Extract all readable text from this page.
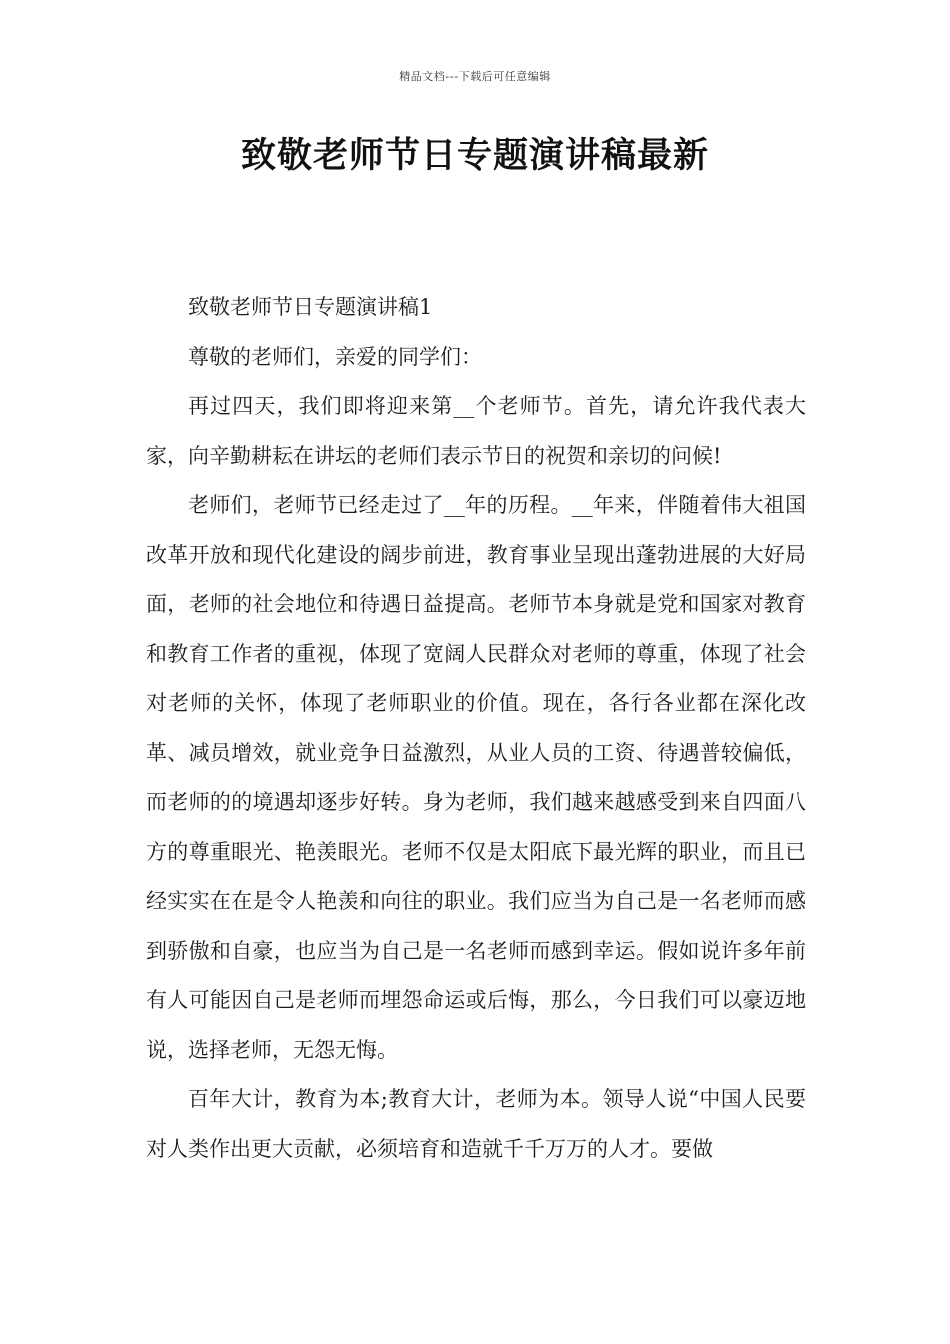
精品文档---下载后可任意编辑
致敬老师节日专题演讲稿最新

致敬老师节日专题演讲稿1

尊敬的老师们，亲爱的同学们：

再过四天，我们即将迎来第__个老师节。首先，请允许我代表大家，向辛勤耕耘在讲坛的老师们表示节日的祝贺和亲切的问候!

老师们，老师节已经走过了__年的历程。__年来，伴随着伟大祖国改革开放和现代化建设的阔步前进，教育事业呈现出蓬勃进展的大好局面，老师的社会地位和待遇日益提高。老师节本身就是党和国家对教育和教育工作者的重视，体现了宽阔人民群众对老师的尊重，体现了社会对老师的关怀，体现了老师职业的价值。现在，各行各业都在深化改革、减员增效，就业竞争日益激烈，从业人员的工资、待遇普较偏低，而老师的的境遇却逐步好转。身为老师，我们越来越感受到来自四面八方的尊重眼光、艳羡眼光。老师不仅是太阳底下最光辉的职业，而且已经实实在在是令人艳羡和向往的职业。我们应当为自己是一名老师而感到骄傲和自豪，也应当为自己是一名老师而感到幸运。假如说许多年前有人可能因自己是老师而埋怨命运或后悔，那么，今日我们可以豪迈地说，选择老师，无怨无悔。

百年大计，教育为本;教育大计，老师为本。领导人说“中国人民要对人类作出更大贡献，必须培育和造就千千万万的人才。要做
